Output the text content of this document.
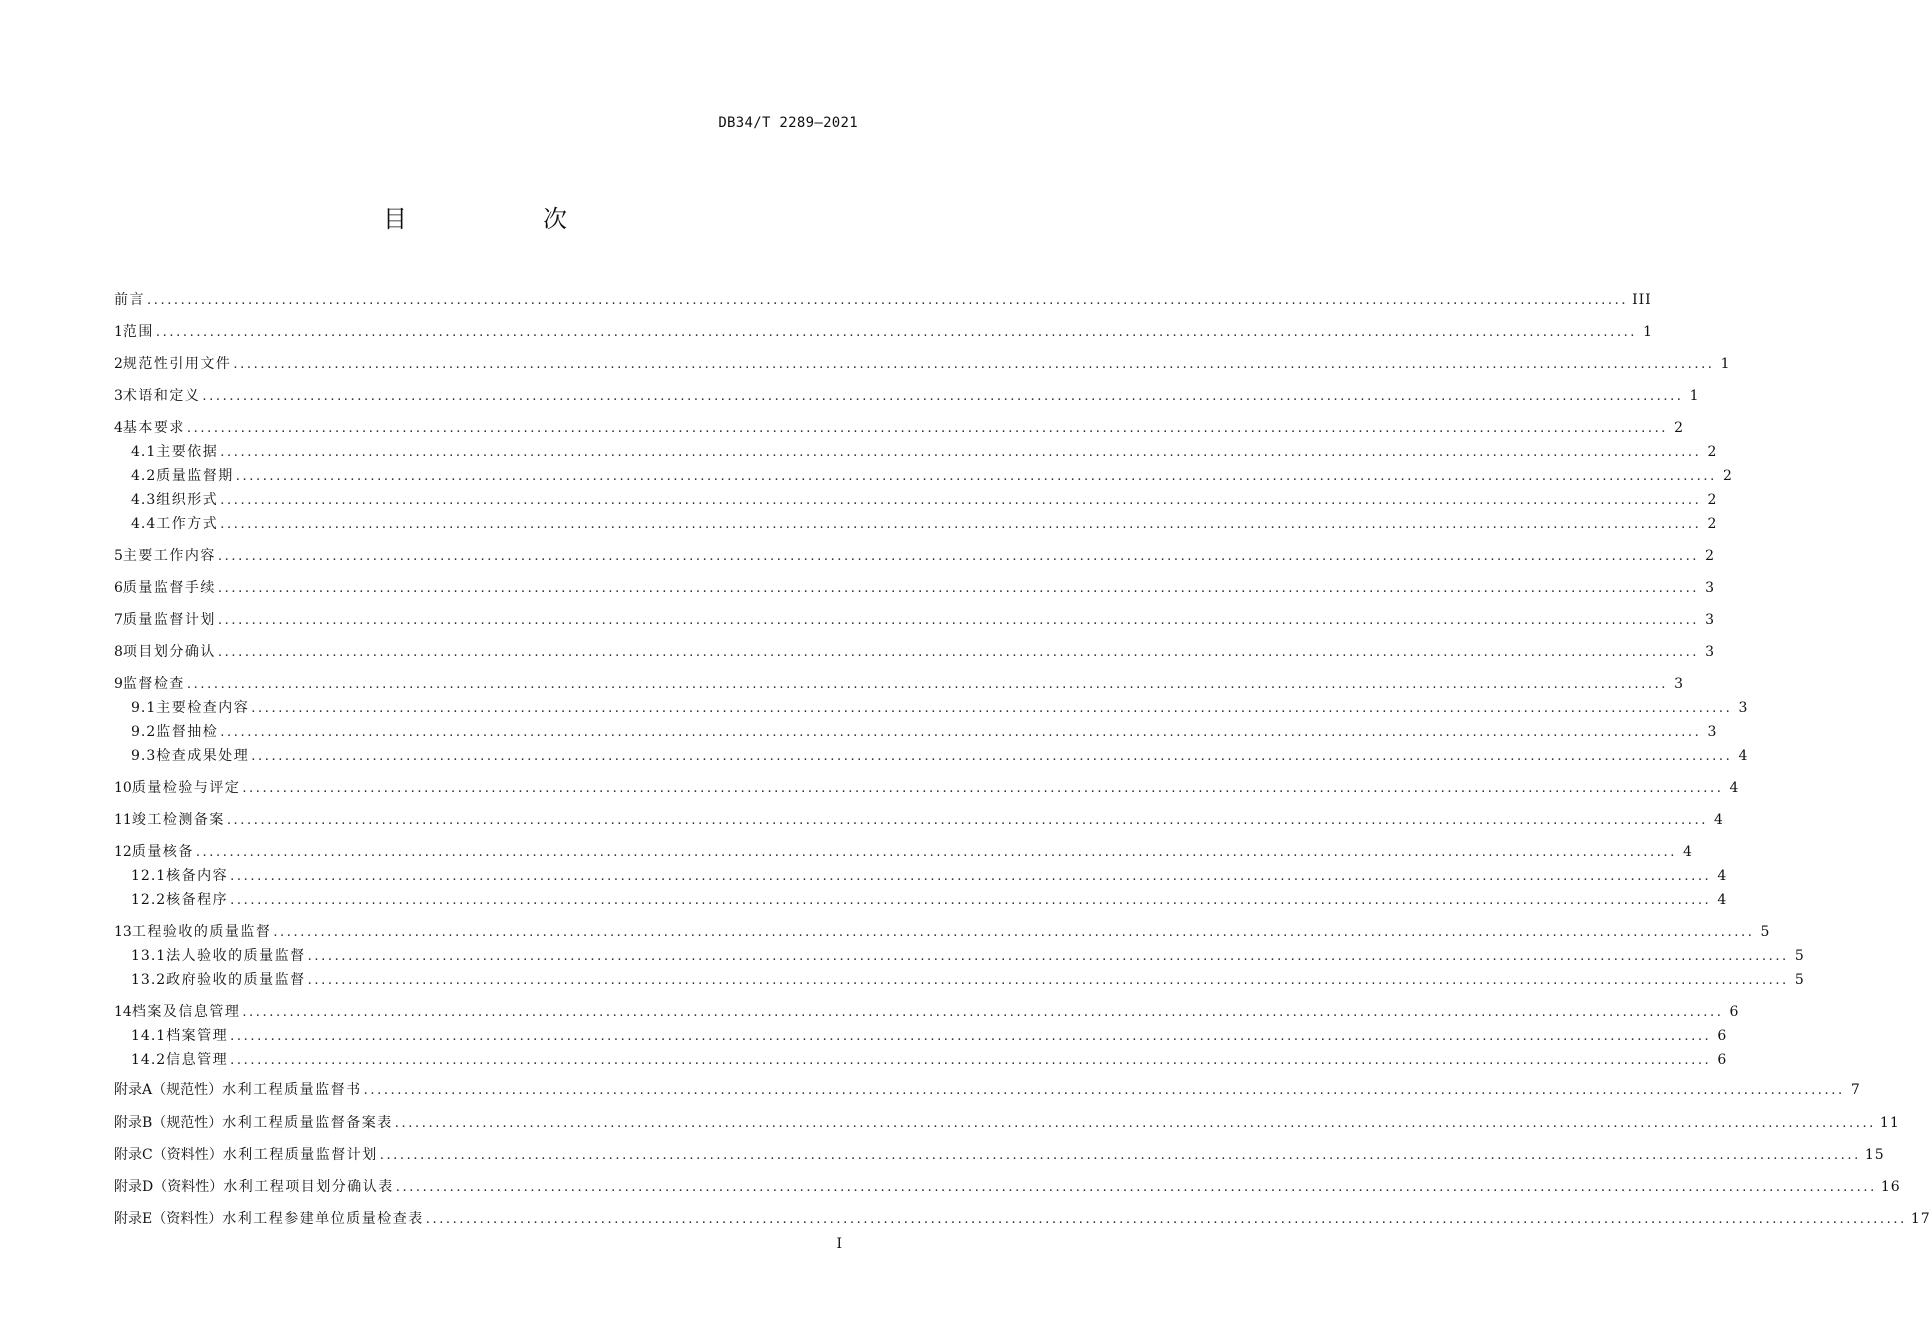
DB34/T 2289—2021
目　次
前言 ............................................................................................................................................................................................................................ III
1 范围 ............................................................................................................................................................................................................................ 1
2 规范性引用文件 ............................................................................................................................................................................................................................ 1
3 术语和定义 ............................................................................................................................................................................................................................ 1
4 基本要求 ............................................................................................................................................................................................................................ 2
4.1 主要依据 ............................................................................................................................................................................................................................ 2
4.2 质量监督期 ............................................................................................................................................................................................................................ 2
4.3 组织形式 ............................................................................................................................................................................................................................ 2
4.4 工作方式 ............................................................................................................................................................................................................................ 2
5 主要工作内容 ............................................................................................................................................................................................................................ 2
6 质量监督手续 ............................................................................................................................................................................................................................ 3
7 质量监督计划 ............................................................................................................................................................................................................................ 3
8 项目划分确认 ............................................................................................................................................................................................................................ 3
9 监督检查 ............................................................................................................................................................................................................................ 3
9.1 主要检查内容 ............................................................................................................................................................................................................................ 3
9.2 监督抽检 ............................................................................................................................................................................................................................ 3
9.3 检查成果处理 ............................................................................................................................................................................................................................ 4
10 质量检验与评定 ............................................................................................................................................................................................................................ 4
11 竣工检测备案 ............................................................................................................................................................................................................................ 4
12 质量核备 ............................................................................................................................................................................................................................ 4
12.1 核备内容 ............................................................................................................................................................................................................................ 4
12.2 核备程序 ............................................................................................................................................................................................................................ 4
13 工程验收的质量监督 ............................................................................................................................................................................................................................ 5
13.1 法人验收的质量监督 ............................................................................................................................................................................................................................ 5
13.2 政府验收的质量监督 ............................................................................................................................................................................................................................ 5
14 档案及信息管理 ............................................................................................................................................................................................................................ 6
14.1 档案管理 ............................................................................................................................................................................................................................ 6
14.2 信息管理 ............................................................................................................................................................................................................................ 6
附录A（规范性） 水利工程质量监督书 ............................................................................................................................................................................................................................ 7
附录B（规范性） 水利工程质量监督备案表 ............................................................................................................................................................................................................................ 11
附录C（资料性） 水利工程质量监督计划 ............................................................................................................................................................................................................................ 15
附录D（资料性） 水利工程项目划分确认表 ............................................................................................................................................................................................................................ 16
附录E（资料性） 水利工程参建单位质量检查表 ............................................................................................................................................................................................................................ 17
I
